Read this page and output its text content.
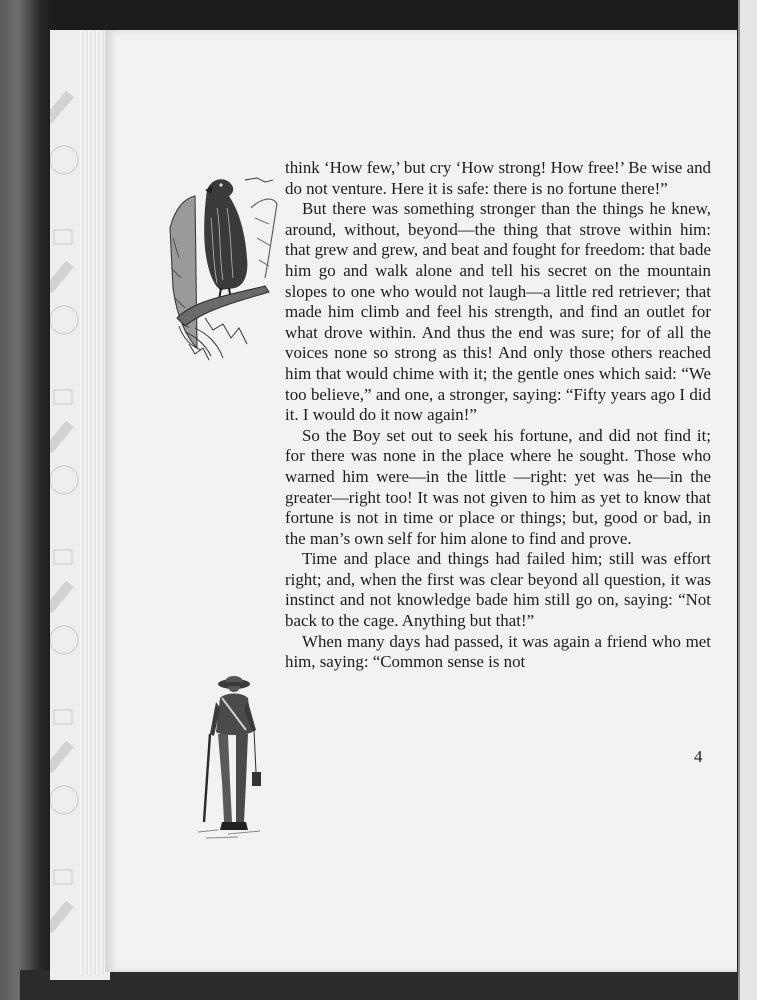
think ‘How few,’ but cry ‘How strong! How free!’ Be wise and do not venture. Here it is safe: there is no fortune there!”

But there was something stronger than the things he knew, around, without, beyond—the thing that strove within him: that grew and grew, and beat and fought for freedom: that bade him go and walk alone and tell his secret on the mountain slopes to one who would not laugh—a little red retriever; that made him climb and feel his strength, and find an outlet for what drove within. And thus the end was sure; for of all the voices none so strong as this! And only those others reached him that would chime with it; the gentle ones which said: “We too believe,” and one, a stronger, saying: “Fifty years ago I did it. I would do it now again!”

So the Boy set out to seek his fortune, and did not find it; for there was none in the place where he sought. Those who warned him were—in the little —right: yet was he—in the greater—right too! It was not given to him as yet to know that fortune is not in time or place or things; but, good or bad, in the man’s own self for him alone to find and prove.

Time and place and things had failed him; still was effort right; and, when the first was clear beyond all question, it was instinct and not knowledge bade him still go on, saying: “Not back to the cage. Anything but that!”

When many days had passed, it was again a friend who met him, saying: “Common sense is not

4
